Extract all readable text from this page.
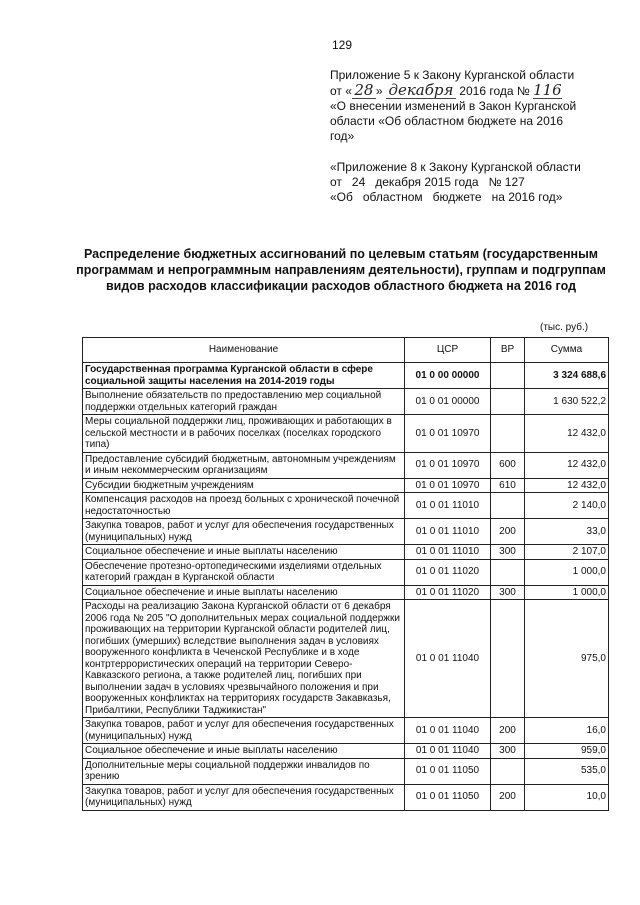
129
Приложение 5 к Закону Курганской области
от « 28 » декабря 2016 года № 116
«О внесении изменений в Закон Курганской
области «Об областном бюджете на 2016
год»
«Приложение 8 к Закону Курганской области
от   24   декабря 2015 года   № 127
«Об   областном   бюджете   на 2016 год»
Распределение бюджетных ассигнований по целевым статьям (государственным программам и непрограммным направлениям деятельности), группам и подгруппам видов расходов классификации расходов областного бюджета на 2016 год
(тыс. руб.)
Наименование	ЦСР	ВР	Сумма
Государственная программа Курганской области в сфере социальной защиты населения на 2014-2019 годы	01 0 00 00000		3 324 688,6
Выполнение обязательств по предоставлению мер социальной поддержки отдельных категорий граждан	01 0 01 00000		1 630 522,2
Меры социальной поддержки лиц, проживающих и работающих в сельской местности и в рабочих поселках (поселках городского типа)	01 0 01 10970		12 432,0
Предоставление субсидий бюджетным, автономным учреждениям и иным некоммерческим организациям	01 0 01 10970	600	12 432,0
Субсидии бюджетным учреждениям	01 0 01 10970	610	12 432,0
Компенсация расходов на проезд больных с хронической почечной недостаточностью	01 0 01 11010		2 140,0
Закупка товаров, работ и услуг для обеспечения государственных (муниципальных) нужд	01 0 01 11010	200	33,0
Социальное обеспечение и иные выплаты населению	01 0 01 11010	300	2 107,0
Обеспечение протезно-ортопедическими изделиями отдельных категорий граждан в Курганской области	01 0 01 11020		1 000,0
Социальное обеспечение и иные выплаты населению	01 0 01 11020	300	1 000,0
Расходы на реализацию Закона Курганской области от 6 декабря 2006 года № 205 "О дополнительных мерах социальной поддержки проживающих на территории Курганской области родителей лиц, погибших (умерших) вследствие выполнения задач в условиях вооруженного конфликта в Чеченской Республике и в ходе контртеррористических операций на территории Северо-Кавказского региона, а также родителей лиц, погибших при выполнении задач в условиях чрезвычайного положения и при вооруженных конфликтах на территориях государств Закавказья, Прибалтики, Республики Таджикистан"	01 0 01 11040		975,0
Закупка товаров, работ и услуг для обеспечения государственных (муниципальных) нужд	01 0 01 11040	200	16,0
Социальное обеспечение и иные выплаты населению	01 0 01 11040	300	959,0
Дополнительные меры социальной поддержки инвалидов по зрению	01 0 01 11050		535,0
Закупка товаров, работ и услуг для обеспечения государственных (муниципальных) нужд	01 0 01 11050	200	10,0
